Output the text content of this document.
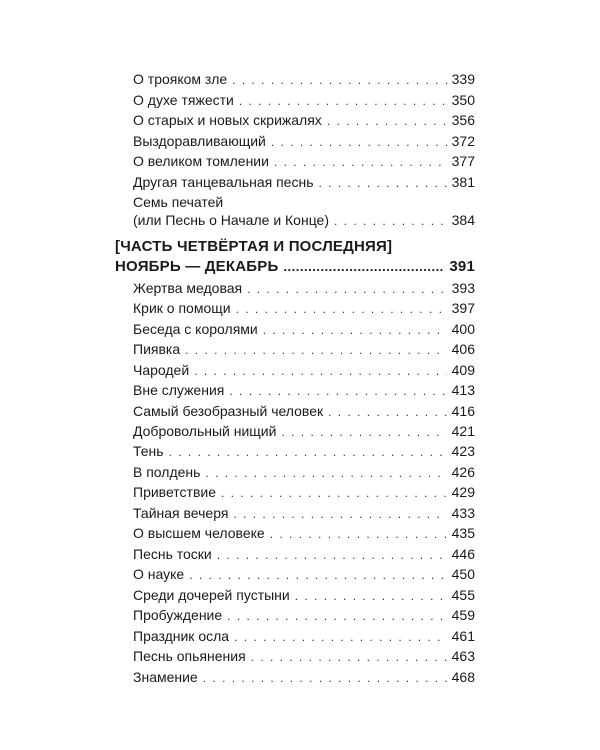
О трояком зле . . .	339
О духе тяжести . . .	350
О старых и новых скрижалях . . .	356
Выздоравливающий . . .	372
О великом томлении . . .	377
Другая танцевальная песнь . . .	381
Семь печатей
(или Песнь о Начале и Конце) . . .	384
[ЧАСТЬ ЧЕТВЁРТАЯ И ПОСЛЕДНЯЯ]
НОЯБРЬ — ДЕКАБРЬ .....	391
Жертва медовая . . .	393
Крик о помощи . . .	397
Беседа с королями . . .	400
Пиявка . . .	406
Чародей . . .	409
Вне служения . . .	413
Самый безобразный человек . . .	416
Добровольный нищий . . .	421
Тень . . .	423
В полдень . . .	426
Приветствие . . .	429
Тайная вечеря . . .	433
О высшем человеке . . .	435
Песнь тоски . . .	446
О науке . . .	450
Среди дочерей пустыни . . .	455
Пробуждение . . .	459
Праздник осла . . .	461
Песнь опьянения . . .	463
Знамение . . .	468
